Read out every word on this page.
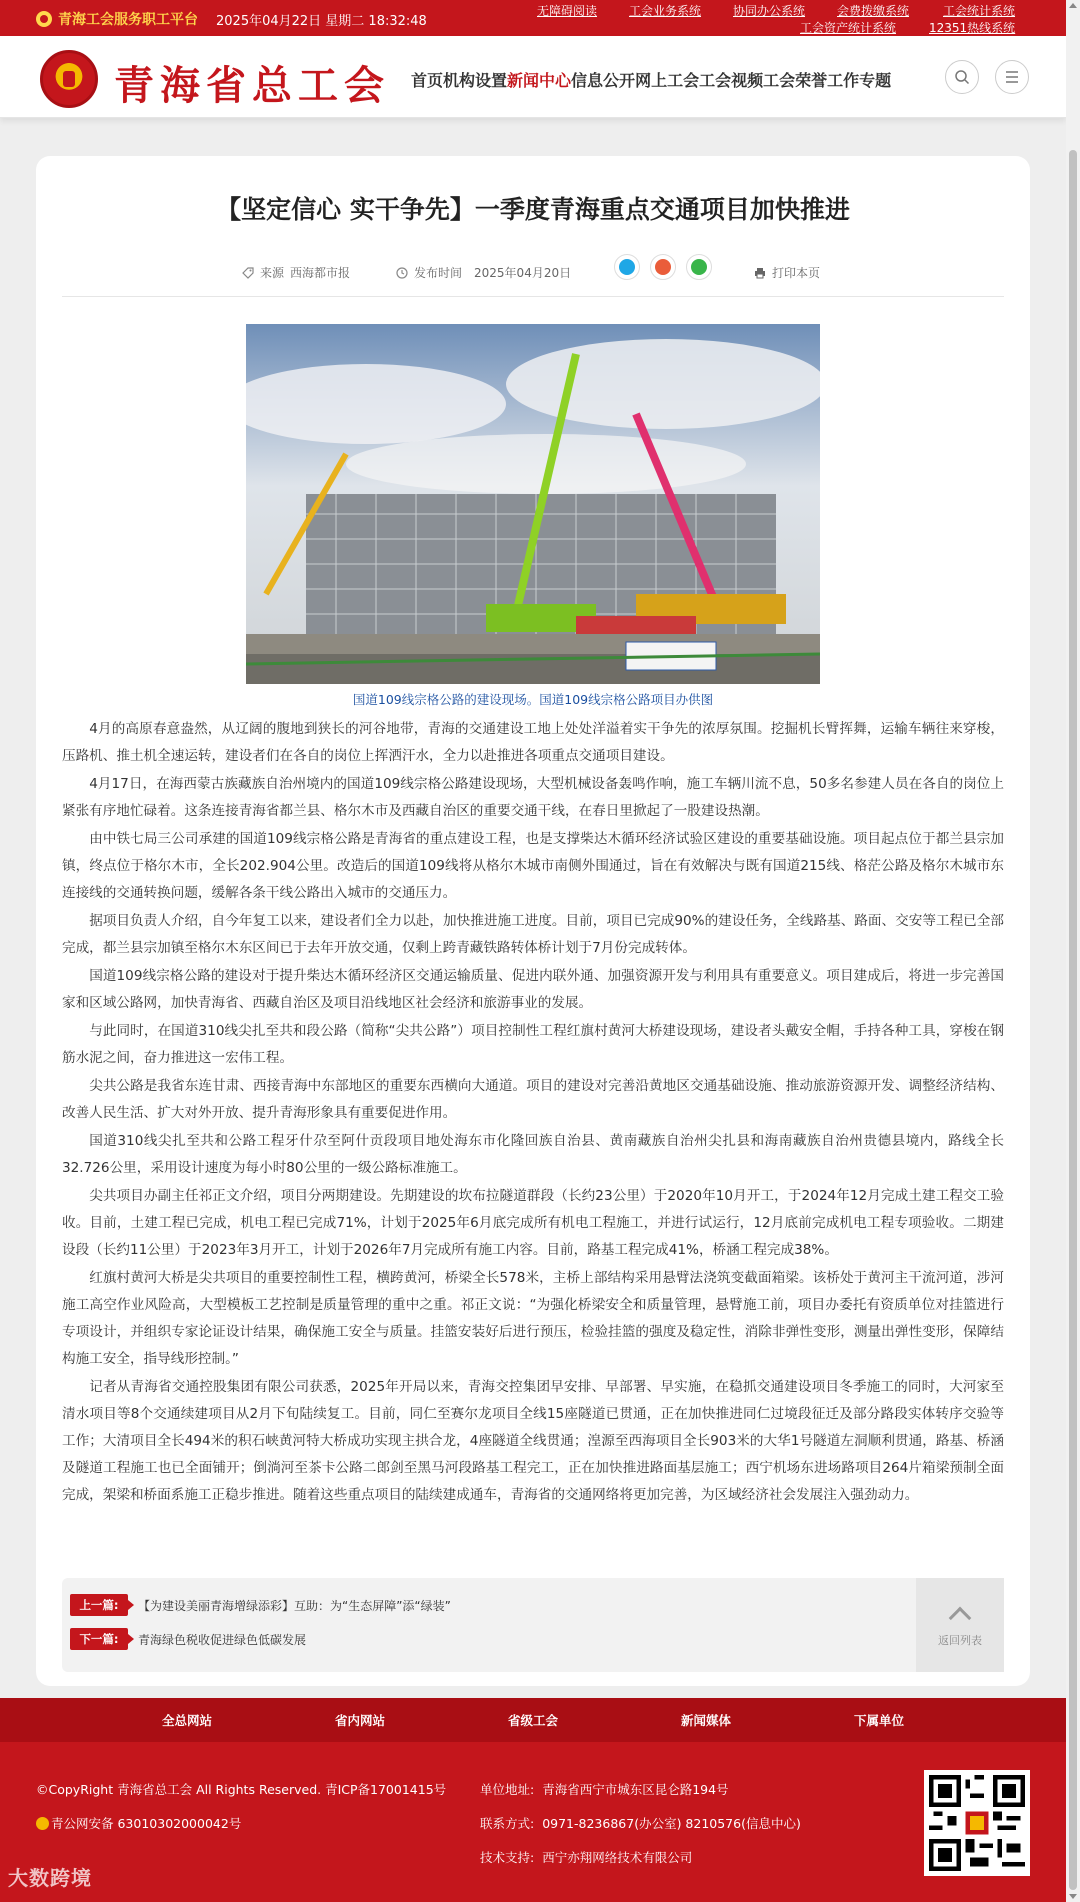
青海工会服务职工平台 2025年04月22日 星期二 18:32:48
无障碍阅读	工会业务系统	协同办公系统	会费拨缴系统	工会统计系统
工会资产统计系统	12351热线系统
青海省总工会 首页 机构设置 新闻中心 信息公开 网上工会 工会视频 工会荣誉 工作专题
【坚定信心 实干争先】一季度青海重点交通项目加快推进
来源 西海都市报	发布时间 2025年04月20日	打印本页
国道109线宗格公路的建设现场。国道109线宗格公路项目办供图

4月的高原春意盎然，从辽阔的腹地到狭长的河谷地带，青海的交通建设工地上处处洋溢着实干争先的浓厚氛围。挖掘机长臂挥舞，运输车辆往来穿梭，压路机、推土机全速运转，建设者们在各自的岗位上挥洒汗水，全力以赴推进各项重点交通项目建设。

4月17日，在海西蒙古族藏族自治州境内的国道109线宗格公路建设现场，大型机械设备轰鸣作响，施工车辆川流不息，50多名参建人员在各自的岗位上紧张有序地忙碌着。这条连接青海省都兰县、格尔木市及西藏自治区的重要交通干线，在春日里掀起了一股建设热潮。

由中铁七局三公司承建的国道109线宗格公路是青海省的重点建设工程，也是支撑柴达木循环经济试验区建设的重要基础设施。项目起点位于都兰县宗加镇，终点位于格尔木市，全长202.904公里。改造后的国道109线将从格尔木城市南侧外围通过，旨在有效解决与既有国道215线、格茫公路及格尔木城市东连接线的交通转换问题，缓解各条干线公路出入城市的交通压力。

据项目负责人介绍，自今年复工以来，建设者们全力以赴，加快推进施工进度。目前，项目已完成90%的建设任务，全线路基、路面、交安等工程已全部完成，都兰县宗加镇至格尔木东区间已于去年开放交通，仅剩上跨青藏铁路转体桥计划于7月份完成转体。

国道109线宗格公路的建设对于提升柴达木循环经济区交通运输质量、促进内联外通、加强资源开发与利用具有重要意义。项目建成后，将进一步完善国家和区域公路网，加快青海省、西藏自治区及项目沿线地区社会经济和旅游事业的发展。

与此同时，在国道310线尖扎至共和段公路（简称“尖共公路”）项目控制性工程红旗村黄河大桥建设现场，建设者头戴安全帽，手持各种工具，穿梭在钢筋水泥之间，奋力推进这一宏伟工程。

尖共公路是我省东连甘肃、西接青海中东部地区的重要东西横向大通道。项目的建设对完善沿黄地区交通基础设施、推动旅游资源开发、调整经济结构、改善人民生活、扩大对外开放、提升青海形象具有重要促进作用。

国道310线尖扎至共和公路工程牙什尕至阿什贡段项目地处海东市化隆回族自治县、黄南藏族自治州尖扎县和海南藏族自治州贵德县境内，路线全长32.726公里，采用设计速度为每小时80公里的一级公路标准施工。

尖共项目办副主任祁正文介绍，项目分两期建设。先期建设的坎布拉隧道群段（长约23公里）于2020年10月开工，于2024年12月完成土建工程交工验收。目前，土建工程已完成，机电工程已完成71%，计划于2025年6月底完成所有机电工程施工，并进行试运行，12月底前完成机电工程专项验收。二期建设段（长约11公里）于2023年3月开工，计划于2026年7月完成所有施工内容。目前，路基工程完成41%，桥涵工程完成38%。

红旗村黄河大桥是尖共项目的重要控制性工程，横跨黄河，桥梁全长578米，主桥上部结构采用悬臂法浇筑变截面箱梁。该桥处于黄河主干流河道，涉河施工高空作业风险高，大型模板工艺控制是质量管理的重中之重。祁正文说：“为强化桥梁安全和质量管理，悬臂施工前，项目办委托有资质单位对挂篮进行专项设计，并组织专家论证设计结果，确保施工安全与质量。挂篮安装好后进行预压，检验挂篮的强度及稳定性，消除非弹性变形，测量出弹性变形，保障结构施工安全，指导线形控制。”

记者从青海省交通控股集团有限公司获悉，2025年开局以来，青海交控集团早安排、早部署、早实施，在稳抓交通建设项目冬季施工的同时，大河家至清水项目等8个交通续建项目从2月下旬陆续复工。目前，同仁至赛尔龙项目全线15座隧道已贯通，正在加快推进同仁过境段征迁及部分路段实体转序交验等工作；大清项目全长494米的积石峡黄河特大桥成功实现主拱合龙，4座隧道全线贯通；湟源至西海项目全长903米的大华1号隧道左洞顺利贯通，路基、桥涵及隧道工程施工也已全面铺开；倒淌河至茶卡公路二郎剑至黑马河段路基工程完工，正在加快推进路面基层施工；西宁机场东进场路项目264片箱梁预制全面完成，架梁和桥面系施工正稳步推进。随着这些重点项目的陆续建成通车，青海省的交通网络将更加完善，为区域经济社会发展注入强劲动力。

上一篇:	【为建设美丽青海增绿添彩】互助：为“生态屏障”添“绿装”
下一篇:	青海绿色税收促进绿色低碳发展	返回列表
全总网站	省内网站	省级工会	新闻媒体	下属单位
©CopyRight 青海省总工会 All Rights Reserved. 青ICP备17001415号
青公网安备 63010302000042号
单位地址: 青海省西宁市城东区昆仑路194号
联系方式: 0971-8236867(办公室) 8210576(信息中心)
技术支持: 西宁亦翔网络技术有限公司
大数跨境
